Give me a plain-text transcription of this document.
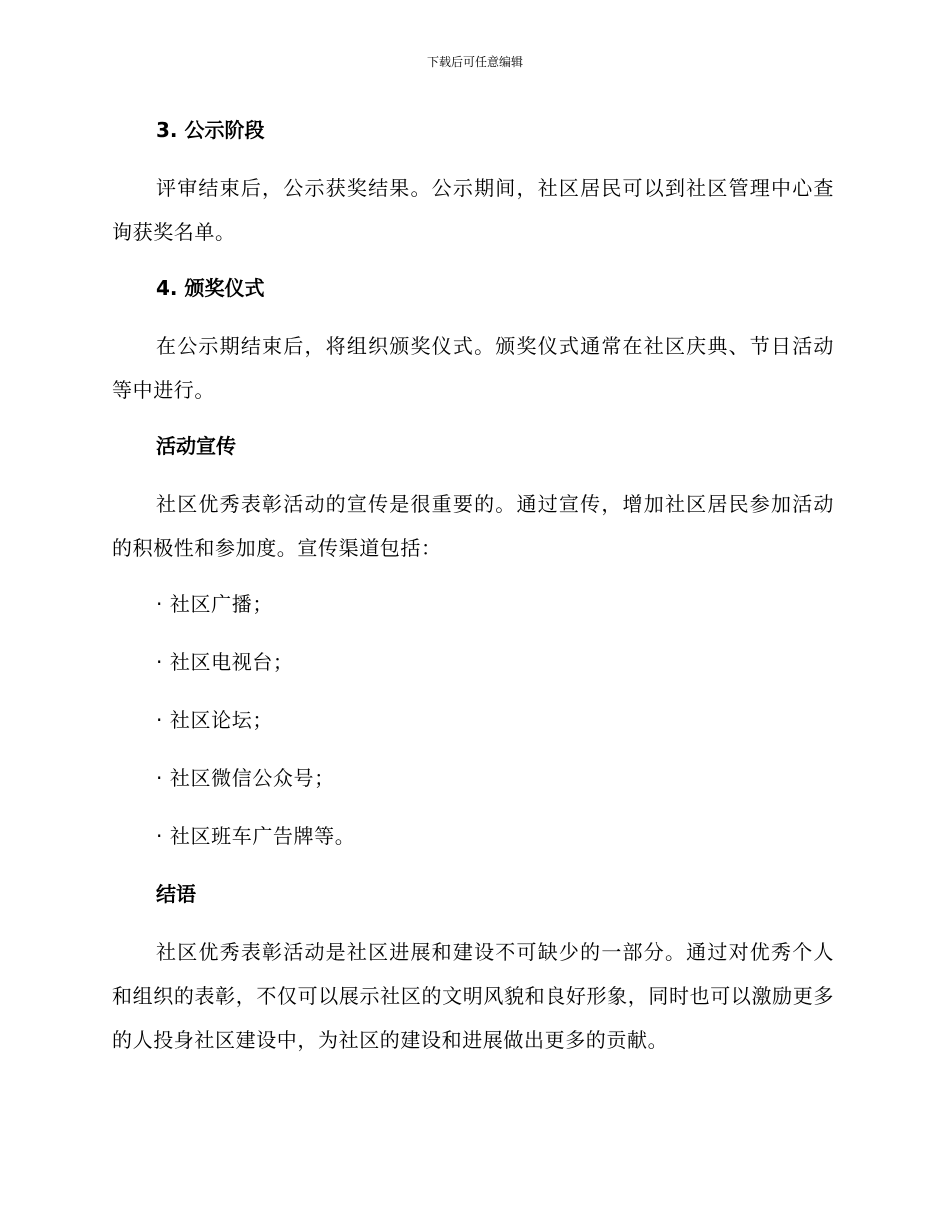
下载后可任意编辑
3. 公示阶段
评审结束后，公示获奖结果。公示期间，社区居民可以到社区管理中心查询获奖名单。
4. 颁奖仪式
在公示期结束后，将组织颁奖仪式。颁奖仪式通常在社区庆典、节日活动等中进行。
活动宣传
社区优秀表彰活动的宣传是很重要的。通过宣传，增加社区居民参加活动的积极性和参加度。宣传渠道包括：
· 社区广播；
· 社区电视台；
· 社区论坛；
· 社区微信公众号；
· 社区班车广告牌等。
结语
社区优秀表彰活动是社区进展和建设不可缺少的一部分。通过对优秀个人和组织的表彰，不仅可以展示社区的文明风貌和良好形象，同时也可以激励更多的人投身社区建设中，为社区的建设和进展做出更多的贡献。
